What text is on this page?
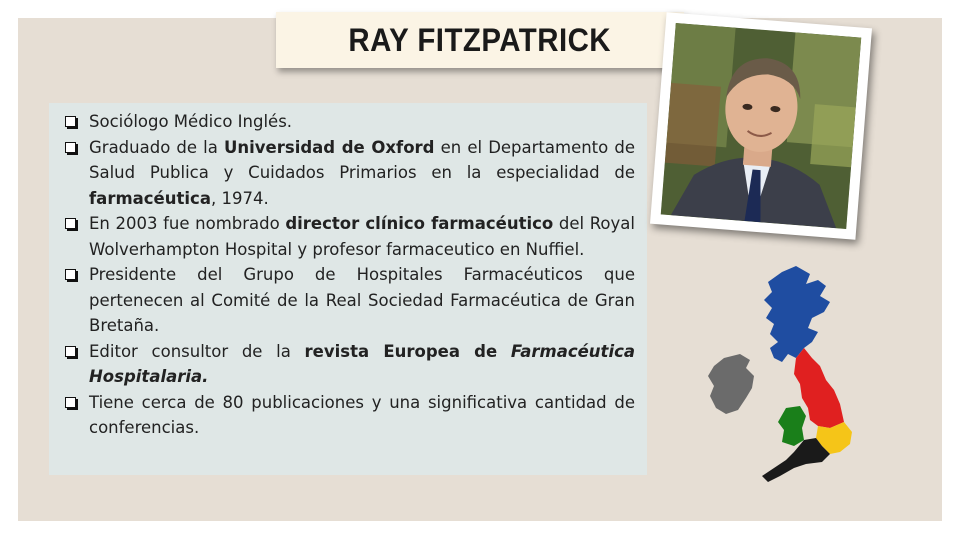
RAY FITZPATRICK
Sociólogo Médico Inglés.
Graduado de la Universidad de Oxford en el Departamento de Salud Publica y Cuidados Primarios en la especialidad de farmacéutica, 1974.
En 2003 fue nombrado director clínico farmacéutico del Royal Wolverhampton Hospital y profesor farmaceutico en Nuffiel.
Presidente del Grupo de Hospitales Farmacéuticos que pertenecen al Comité de la Real Sociedad Farmacéutica de Gran Bretaña.
Editor consultor de la revista Europea de Farmacéutica Hospitalaria.
Tiene cerca de 80 publicaciones y una significativa cantidad de conferencias.
